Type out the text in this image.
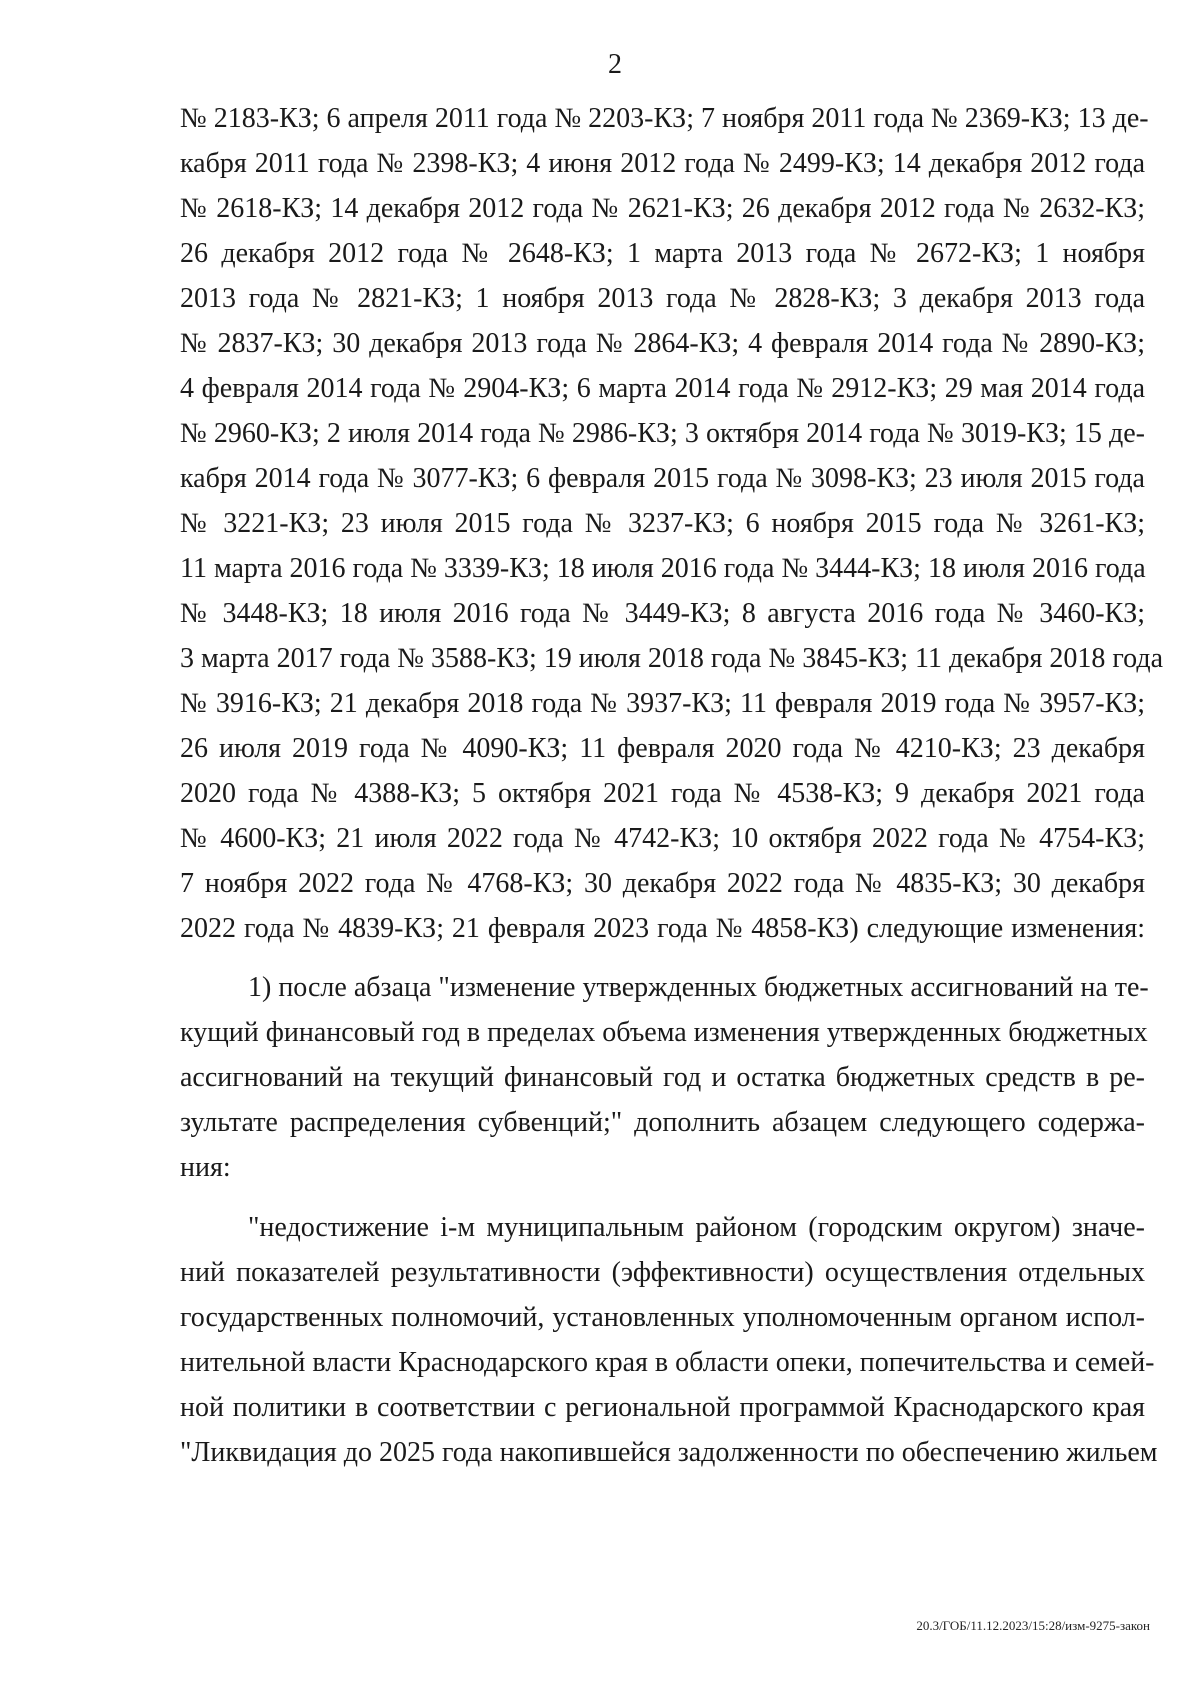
2
№ 2183-КЗ; 6 апреля 2011 года № 2203-КЗ; 7 ноября 2011 года № 2369-КЗ; 13 де-
кабря 2011 года № 2398-КЗ; 4 июня 2012 года № 2499-КЗ; 14 декабря 2012 года
№ 2618-КЗ; 14 декабря 2012 года № 2621-КЗ; 26 декабря 2012 года № 2632-КЗ;
26 декабря 2012 года № 2648-КЗ; 1 марта 2013 года № 2672-КЗ; 1 ноября
2013 года № 2821-КЗ; 1 ноября 2013 года № 2828-КЗ; 3 декабря 2013 года
№ 2837-КЗ; 30 декабря 2013 года № 2864-КЗ; 4 февраля 2014 года № 2890-КЗ;
4 февраля 2014 года № 2904-КЗ; 6 марта 2014 года № 2912-КЗ; 29 мая 2014 года
№ 2960-КЗ; 2 июля 2014 года № 2986-КЗ; 3 октября 2014 года № 3019-КЗ; 15 де-
кабря 2014 года № 3077-КЗ; 6 февраля 2015 года № 3098-КЗ; 23 июля 2015 года
№ 3221-КЗ; 23 июля 2015 года № 3237-КЗ; 6 ноября 2015 года № 3261-КЗ;
11 марта 2016 года № 3339-КЗ; 18 июля 2016 года № 3444-КЗ; 18 июля 2016 года
№ 3448-КЗ; 18 июля 2016 года № 3449-КЗ; 8 августа 2016 года № 3460-КЗ;
3 марта 2017 года № 3588-КЗ; 19 июля 2018 года № 3845-КЗ; 11 декабря 2018 года
№ 3916-КЗ; 21 декабря 2018 года № 3937-КЗ; 11 февраля 2019 года № 3957-КЗ;
26 июля 2019 года № 4090-КЗ; 11 февраля 2020 года № 4210-КЗ; 23 декабря
2020 года № 4388-КЗ; 5 октября 2021 года № 4538-КЗ; 9 декабря 2021 года
№ 4600-КЗ; 21 июля 2022 года № 4742-КЗ; 10 октября 2022 года № 4754-КЗ;
7 ноября 2022 года № 4768-КЗ; 30 декабря 2022 года № 4835-КЗ; 30 декабря
2022 года № 4839-КЗ; 21 февраля 2023 года № 4858-КЗ) следующие изменения:
1) после абзаца "изменение утвержденных бюджетных ассигнований на те-
кущий финансовый год в пределах объема изменения утвержденных бюджетных
ассигнований на текущий финансовый год и остатка бюджетных средств в ре-
зультате распределения субвенций;" дополнить абзацем следующего содержа-
ния:
"недостижение i-м муниципальным районом (городским округом) значе-
ний показателей результативности (эффективности) осуществления отдельных
государственных полномочий, установленных уполномоченным органом испол-
нительной власти Краснодарского края в области опеки, попечительства и семей-
ной политики в соответствии с региональной программой Краснодарского края
"Ликвидация до 2025 года накопившейся задолженности по обеспечению жильем
20.3/ГОБ/11.12.2023/15:28/изм-9275-закон
